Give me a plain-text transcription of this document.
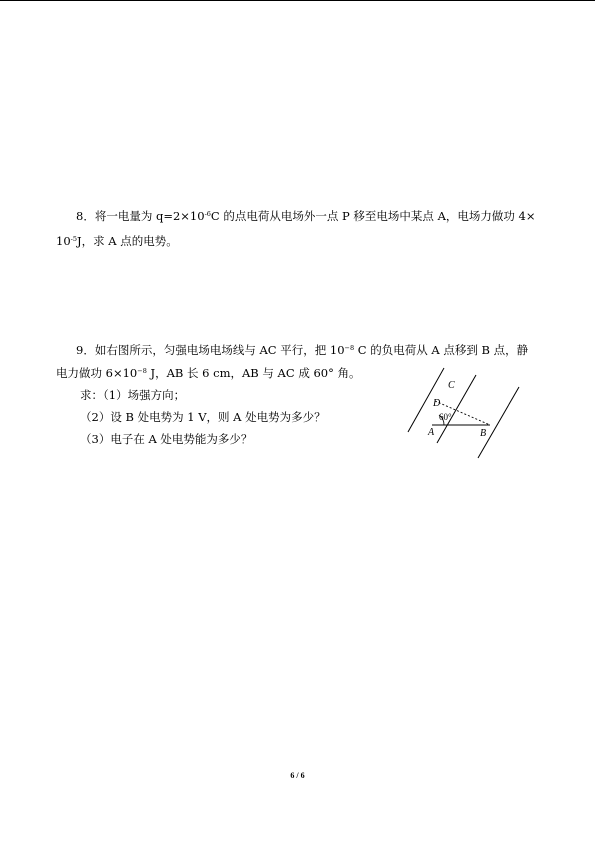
8．将一电量为 $q=2\times 10^{-6}C$ 的点电荷从电场外一点 P 移至电场中某点 A，电场力做功 4×
$10^{-5}J$，求 A 点的电势。
9．如右图所示，匀强电场电场线与 AC 平行，把 $10^{-8}$ C 的负电荷从 A 点移到 B 点，静
电力做功 $6\times 10^{-8}$ J，AB 长 6 cm，AB 与 AC 成 60° 角。
求：（1）场强方向；
（2）设 B 处电势为 1 V，则 A 处电势为多少？
（3）电子在 A 处电势能为多少？
C
D
60°
A	B
6 / 6
